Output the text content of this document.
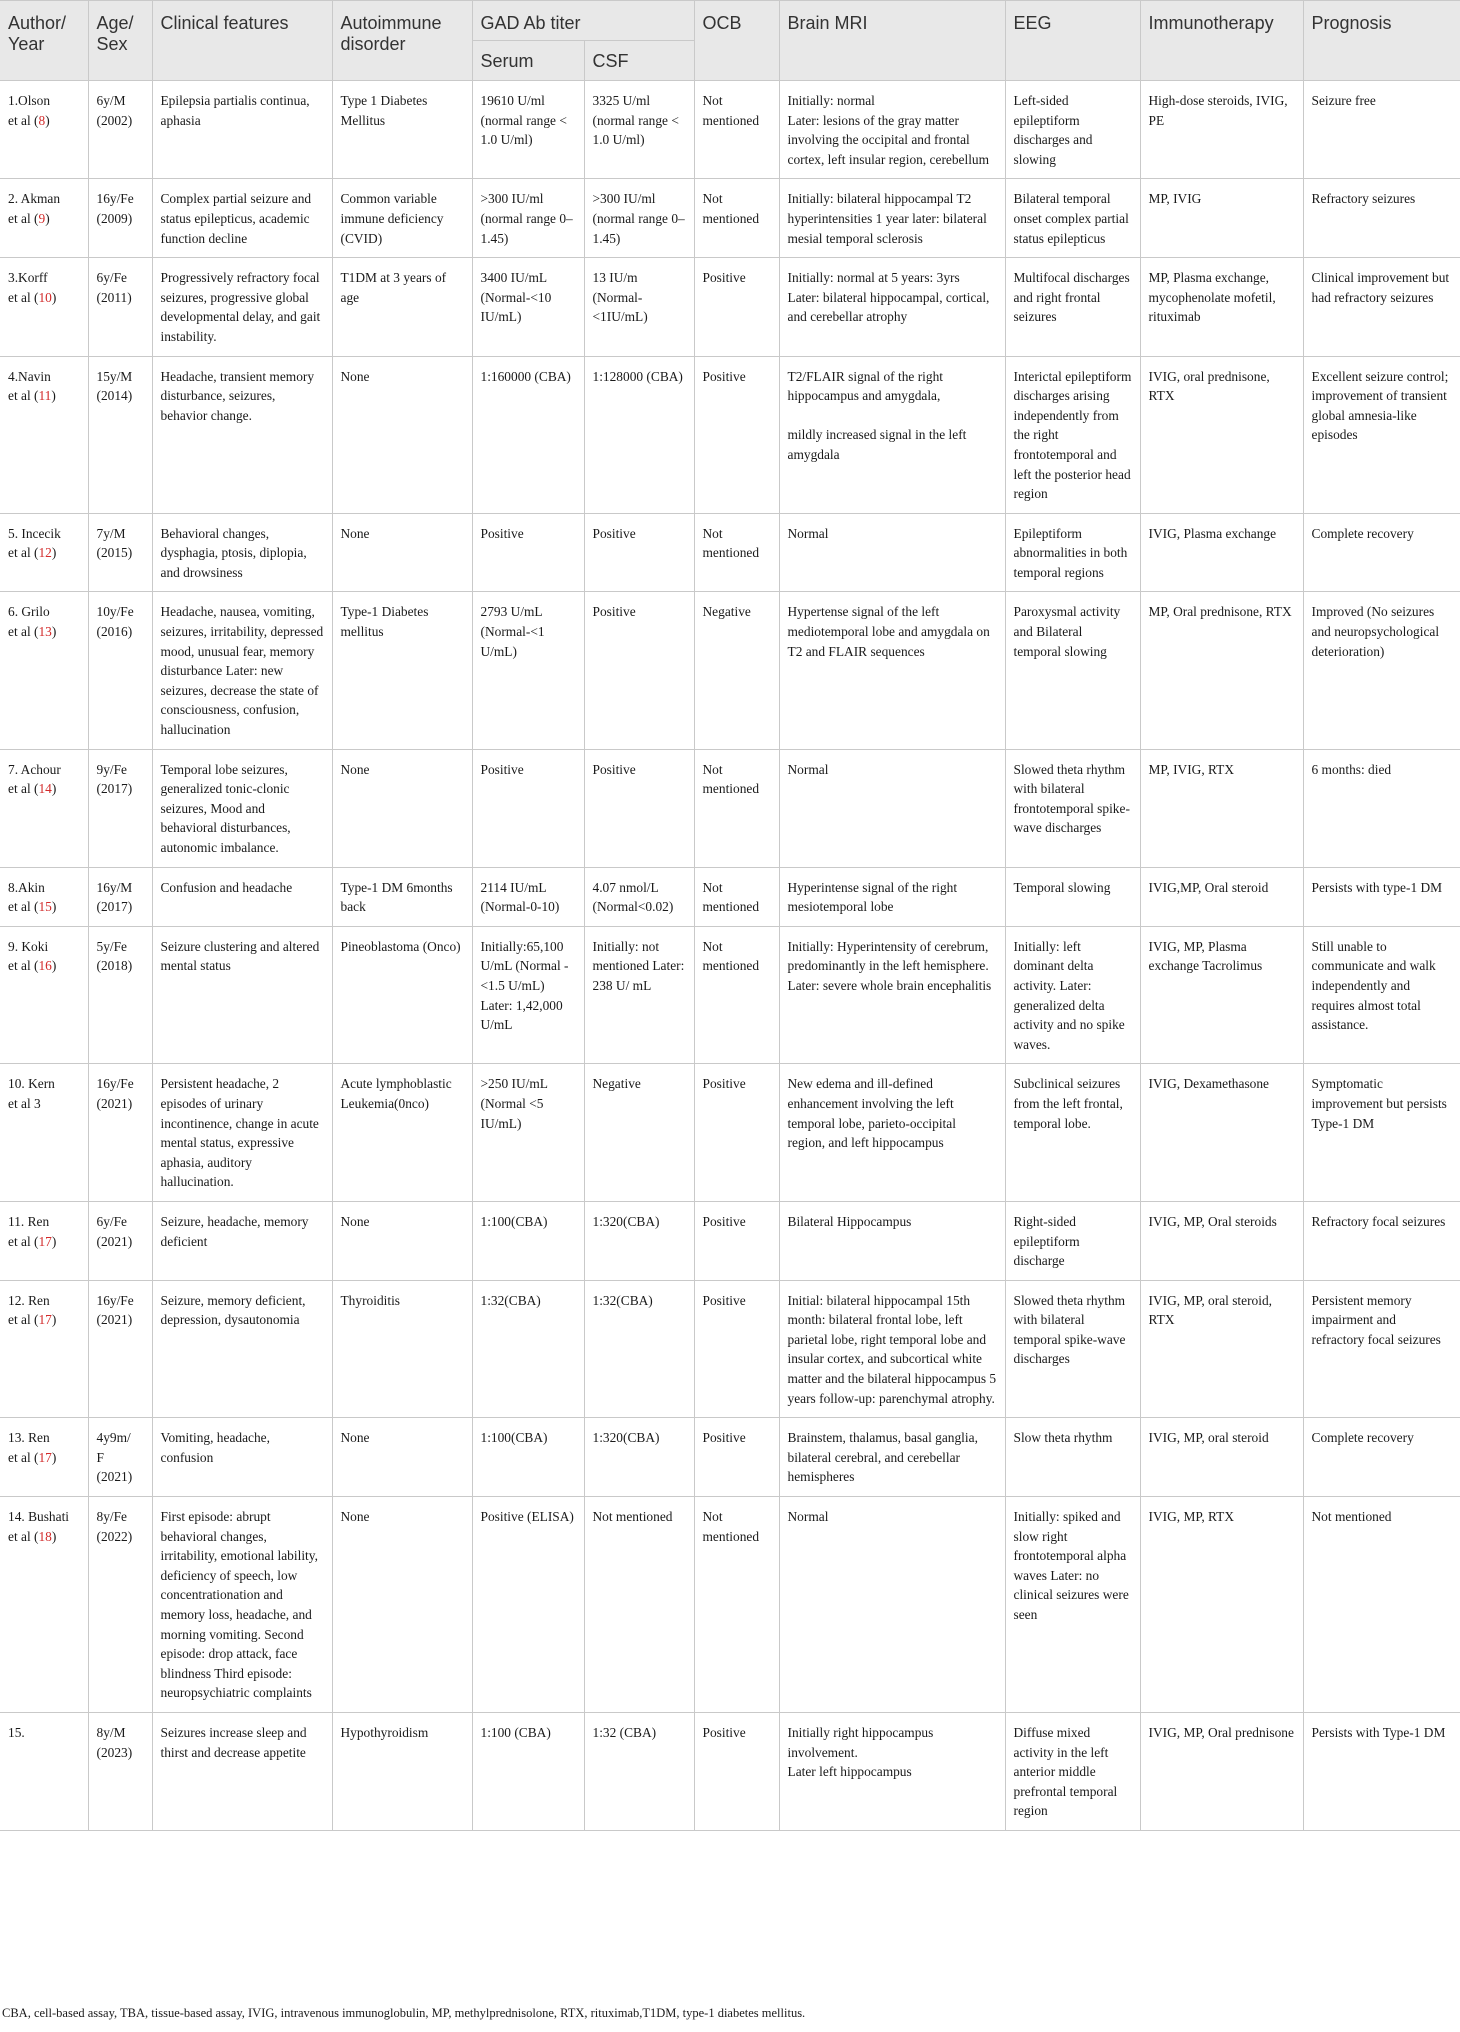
Author/
Year	Age/
Sex	Clinical features	Autoimmune
disorder	GAD Ab titer		OCB	Brain MRI	EEG	Immunotherapy	Prognosis
				Serum	CSF					
1.Olson
et al (8)	6y/M
(2002)	Epilepsia partialis continua, aphasia	Type 1 Diabetes Mellitus	19610 U/ml (normal range < 1.0 U/ml)	3325 U/ml (normal range < 1.0 U/ml)	Not mentioned	Initially: normal
Later: lesions of the gray matter involving the occipital and frontal cortex, left insular region, cerebellum	Left-sided epileptiform discharges and slowing	High-dose steroids, IVIG, PE	Seizure free
2. Akman
et al (9)	16y/Fe
(2009)	Complex partial seizure and status epilepticus, academic function decline	Common variable immune deficiency (CVID)	>300 IU/ml (normal range 0–1.45)	>300 IU/ml (normal range 0–1.45)	Not mentioned	Initially: bilateral hippocampal T2 hyperintensities 1 year later: bilateral mesial temporal sclerosis	Bilateral temporal onset complex partial status epilepticus	MP, IVIG	Refractory seizures
3.Korff
et al (10)	6y/Fe
(2011)	Progressively refractory focal seizures, progressive global developmental delay, and gait instability.	T1DM at 3 years of age	3400 IU/mL (Normal-<10 IU/mL)	13 IU/m (Normal-<1IU/mL)	Positive	Initially: normal at 5 years: 3yrs
Later: bilateral hippocampal, cortical, and cerebellar atrophy	Multifocal discharges and right frontal seizures	MP, Plasma exchange, mycophenolate mofetil, rituximab	Clinical improvement but had refractory seizures
4.Navin
et al (11)	15y/M
(2014)	Headache, transient memory disturbance, seizures, behavior change.	None	1:160000 (CBA)	1:128000 (CBA)	Positive	T2/FLAIR signal of the right hippocampus and amygdala,
mildly increased signal in the left amygdala	Interictal epileptiform discharges arising independently from the right frontotemporal and left the posterior head region	IVIG, oral prednisone, RTX	Excellent seizure control; improvement of transient global amnesia-like episodes
5. Incecik
et al (12)	7y/M
(2015)	Behavioral changes, dysphagia, ptosis, diplopia, and drowsiness	None	Positive	Positive	Not mentioned	Normal	Epileptiform abnormalities in both temporal regions	IVIG, Plasma exchange	Complete recovery
6. Grilo
et al (13)	10y/Fe
(2016)	Headache, nausea, vomiting, seizures, irritability, depressed mood, unusual fear, memory disturbance Later: new seizures, decrease the state of consciousness, confusion, hallucination	Type-1 Diabetes mellitus	2793 U/mL (Normal-<1 U/mL)	Positive	Negative	Hypertense signal of the left mediotemporal lobe and amygdala on T2 and FLAIR sequences	Paroxysmal activity and Bilateral temporal slowing	MP, Oral prednisone, RTX	Improved (No seizures and neuropsychological deterioration)
7. Achour
et al (14)	9y/Fe
(2017)	Temporal lobe seizures, generalized tonic-clonic seizures, Mood and behavioral disturbances, autonomic imbalance.	None	Positive	Positive	Not mentioned	Normal	Slowed theta rhythm with bilateral frontotemporal spike-wave discharges	MP, IVIG, RTX	6 months: died
8.Akin
et al (15)	16y/M
(2017)	Confusion and headache	Type-1 DM 6months back	2114 IU/mL (Normal-0-10)	4.07 nmol/L (Normal<0.02)	Not mentioned	Hyperintense signal of the right mesiotemporal lobe	Temporal slowing	IVIG,MP, Oral steroid	Persists with type-1 DM
9. Koki
et al (16)	5y/Fe
(2018)	Seizure clustering and altered mental status	Pineoblastoma (Onco)	Initially:65,100 U/mL (Normal -<1.5 U/mL) Later: 1,42,000 U/mL	Initially: not mentioned Later: 238 U/ mL	Not mentioned	Initially: Hyperintensity of cerebrum, predominantly in the left hemisphere.
Later: severe whole brain encephalitis	Initially: left dominant delta activity. Later: generalized delta activity and no spike waves.	IVIG, MP, Plasma exchange Tacrolimus	Still unable to communicate and walk independently and requires almost total assistance.
10. Kern
et al 3	16y/Fe
(2021)	Persistent headache, 2 episodes of urinary incontinence, change in acute mental status, expressive aphasia, auditory hallucination.	Acute lymphoblastic Leukemia(0nco)	>250 IU/mL (Normal <5 IU/mL)	Negative	Positive	New edema and ill-defined enhancement involving the left temporal lobe, parieto-occipital region, and left hippocampus	Subclinical seizures from the left frontal, temporal lobe.	IVIG, Dexamethasone	Symptomatic improvement but persists Type-1 DM
11. Ren
et al (17)	6y/Fe
(2021)	Seizure, headache, memory deficient	None	1:100(CBA)	1:320(CBA)	Positive	Bilateral Hippocampus	Right-sided epileptiform discharge	IVIG, MP, Oral steroids	Refractory focal seizures
12. Ren
et al (17)	16y/Fe
(2021)	Seizure, memory deficient, depression, dysautonomia	Thyroiditis	1:32(CBA)	1:32(CBA)	Positive	Initial: bilateral hippocampal 15th month: bilateral frontal lobe, left parietal lobe, right temporal lobe and insular cortex, and subcortical white matter and the bilateral hippocampus 5 years follow-up: parenchymal atrophy.	Slowed theta rhythm with bilateral temporal spike-wave discharges	IVIG, MP, oral steroid, RTX	Persistent memory impairment and refractory focal seizures
13. Ren
et al (17)	4y9m/
F
(2021)	Vomiting, headache, confusion	None	1:100(CBA)	1:320(CBA)	Positive	Brainstem, thalamus, basal ganglia, bilateral cerebral, and cerebellar hemispheres	Slow theta rhythm	IVIG, MP, oral steroid	Complete recovery
14. Bushati
et al (18)	8y/Fe
(2022)	First episode: abrupt behavioral changes, irritability, emotional lability, deficiency of speech, low concentrationation and memory loss, headache, and morning vomiting. Second episode: drop attack, face blindness Third episode: neuropsychiatric complaints	None	Positive (ELISA)	Not mentioned	Not mentioned	Normal	Initially: spiked and slow right frontotemporal alpha waves Later: no clinical seizures were seen	IVIG, MP, RTX	Not mentioned
15.	8y/M
(2023)	Seizures increase sleep and thirst and decrease appetite	Hypothyroidism	1:100 (CBA)	1:32 (CBA)	Positive	Initially right hippocampus involvement.
Later left hippocampus	Diffuse mixed activity in the left anterior middle prefrontal temporal region	IVIG, MP, Oral prednisone	Persists with Type-1 DM
CBA, cell-based assay, TBA, tissue-based assay, IVIG, intravenous immunoglobulin, MP, methylprednisolone, RTX, rituximab,T1DM, type-1 diabetes mellitus.
